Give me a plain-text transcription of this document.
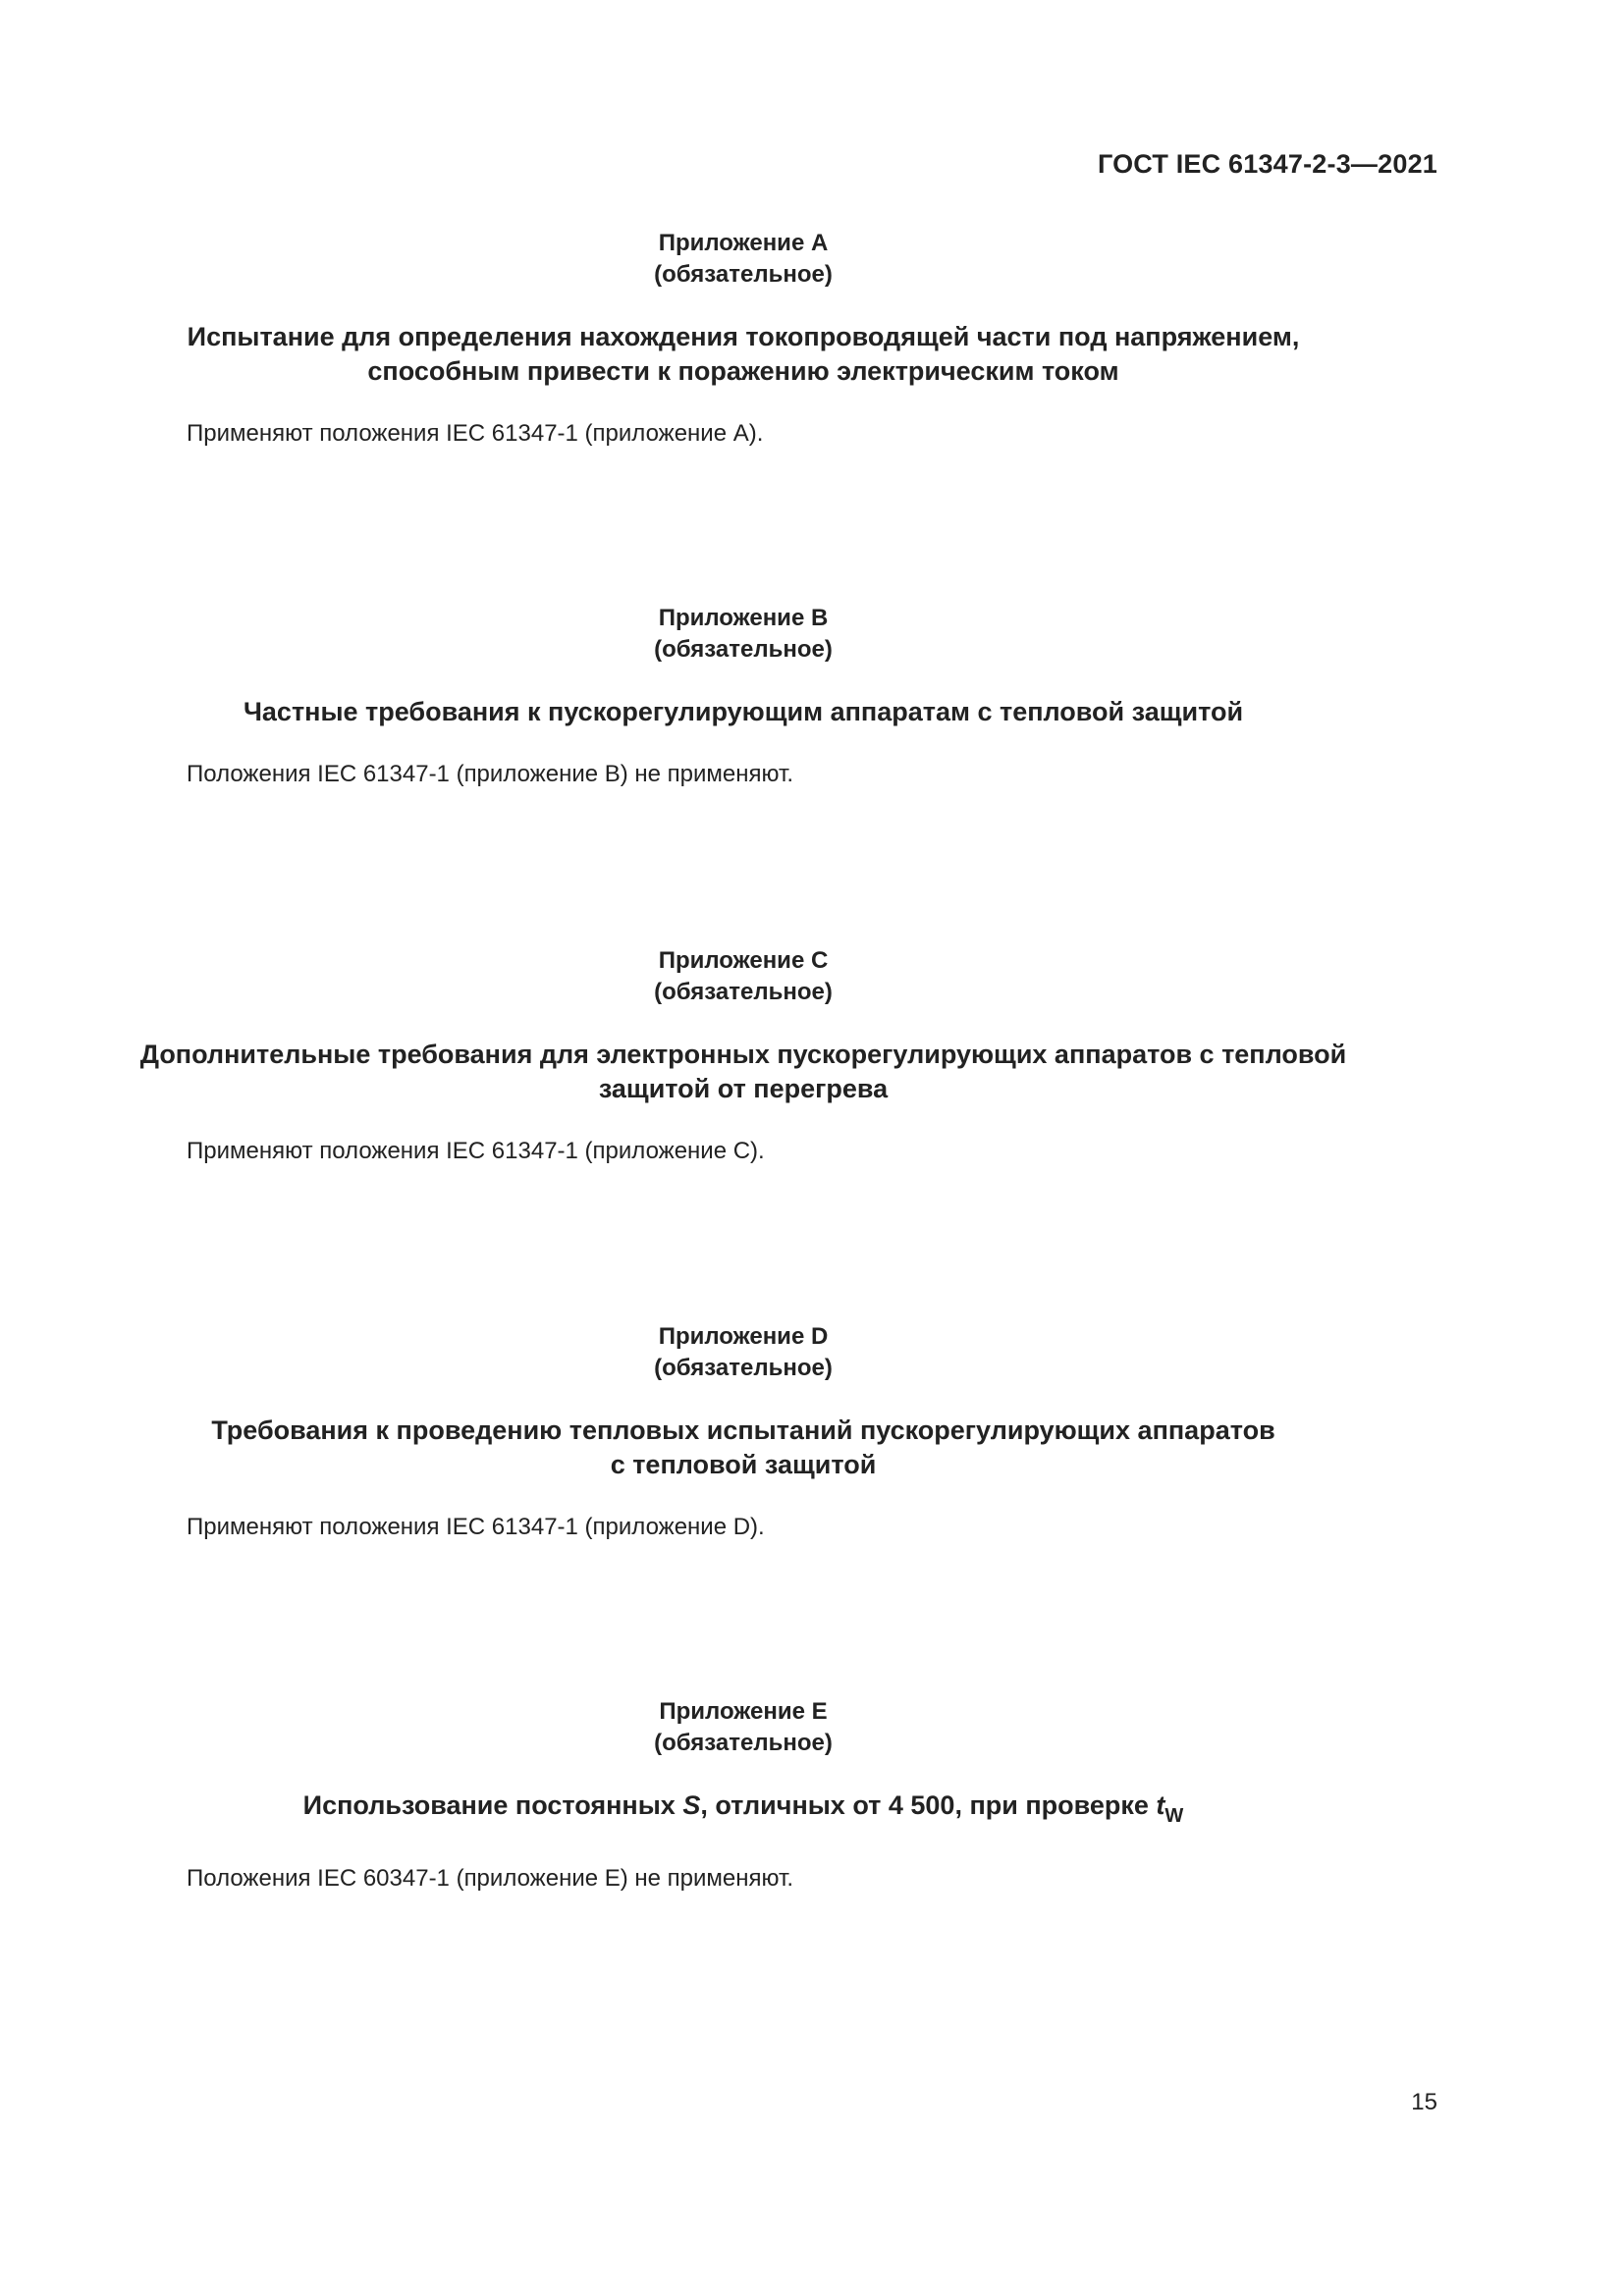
ГОСТ IEC 61347-2-3—2021
Приложение А
(обязательное)
Испытание для определения нахождения токопроводящей части под напряжением,
способным привести к поражению электрическим током
Применяют положения IEC 61347-1 (приложение A).
Приложение В
(обязательное)
Частные требования к пускорегулирующим аппаратам с тепловой защитой
Положения IEC 61347-1 (приложение B) не применяют.
Приложение С
(обязательное)
Дополнительные требования для электронных пускорегулирующих аппаратов с тепловой
защитой от перегрева
Применяют положения IEC 61347-1 (приложение C).
Приложение D
(обязательное)
Требования к проведению тепловых испытаний пускорегулирующих аппаратов
с тепловой защитой
Применяют положения IEC 61347-1 (приложение D).
Приложение Е
(обязательное)
Использование постоянных S, отличных от 4 500, при проверке $t_W$
Положения IEC 60347-1 (приложение E) не применяют.
15
